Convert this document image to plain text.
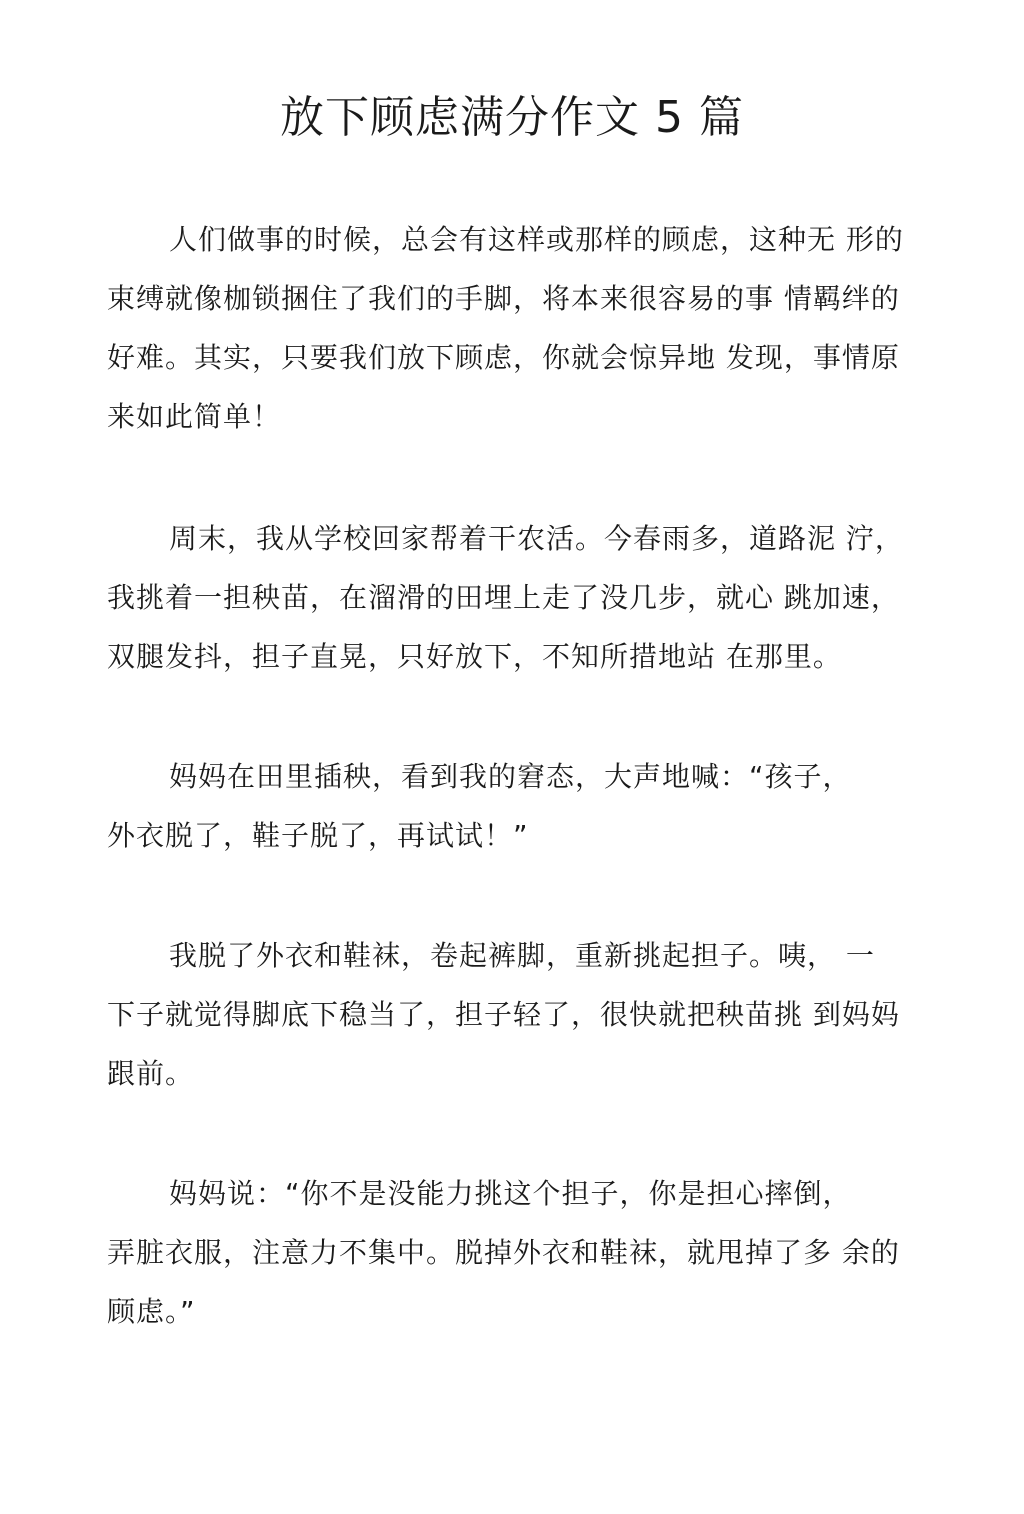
放下顾虑满分作文 5 篇
人们做事的时候，总会有这样或那样的顾虑，这种无 形的
束缚就像枷锁捆住了我们的手脚，将本来很容易的事 情羁绊的
好难。其实，只要我们放下顾虑，你就会惊异地 发现，事情原
来如此简单！
周末，我从学校回家帮着干农活。今春雨多，道路泥 泞，
我挑着一担秧苗，在溜滑的田埋上走了没几步，就心 跳加速，
双腿发抖，担子直晃，只好放下，不知所措地站 在那里。
妈妈在田里插秧，看到我的窘态，大声地喊：“孩子，
外衣脱了，鞋子脱了，再试试！”
我脱了外衣和鞋袜，卷起裤脚，重新挑起担子。咦， 一
下子就觉得脚底下稳当了，担子轻了，很快就把秧苗挑 到妈妈
跟前。
妈妈说：“你不是没能力挑这个担子，你是担心摔倒，
弄脏衣服，注意力不集中。脱掉外衣和鞋袜，就甩掉了多 余的
顾虑。”
